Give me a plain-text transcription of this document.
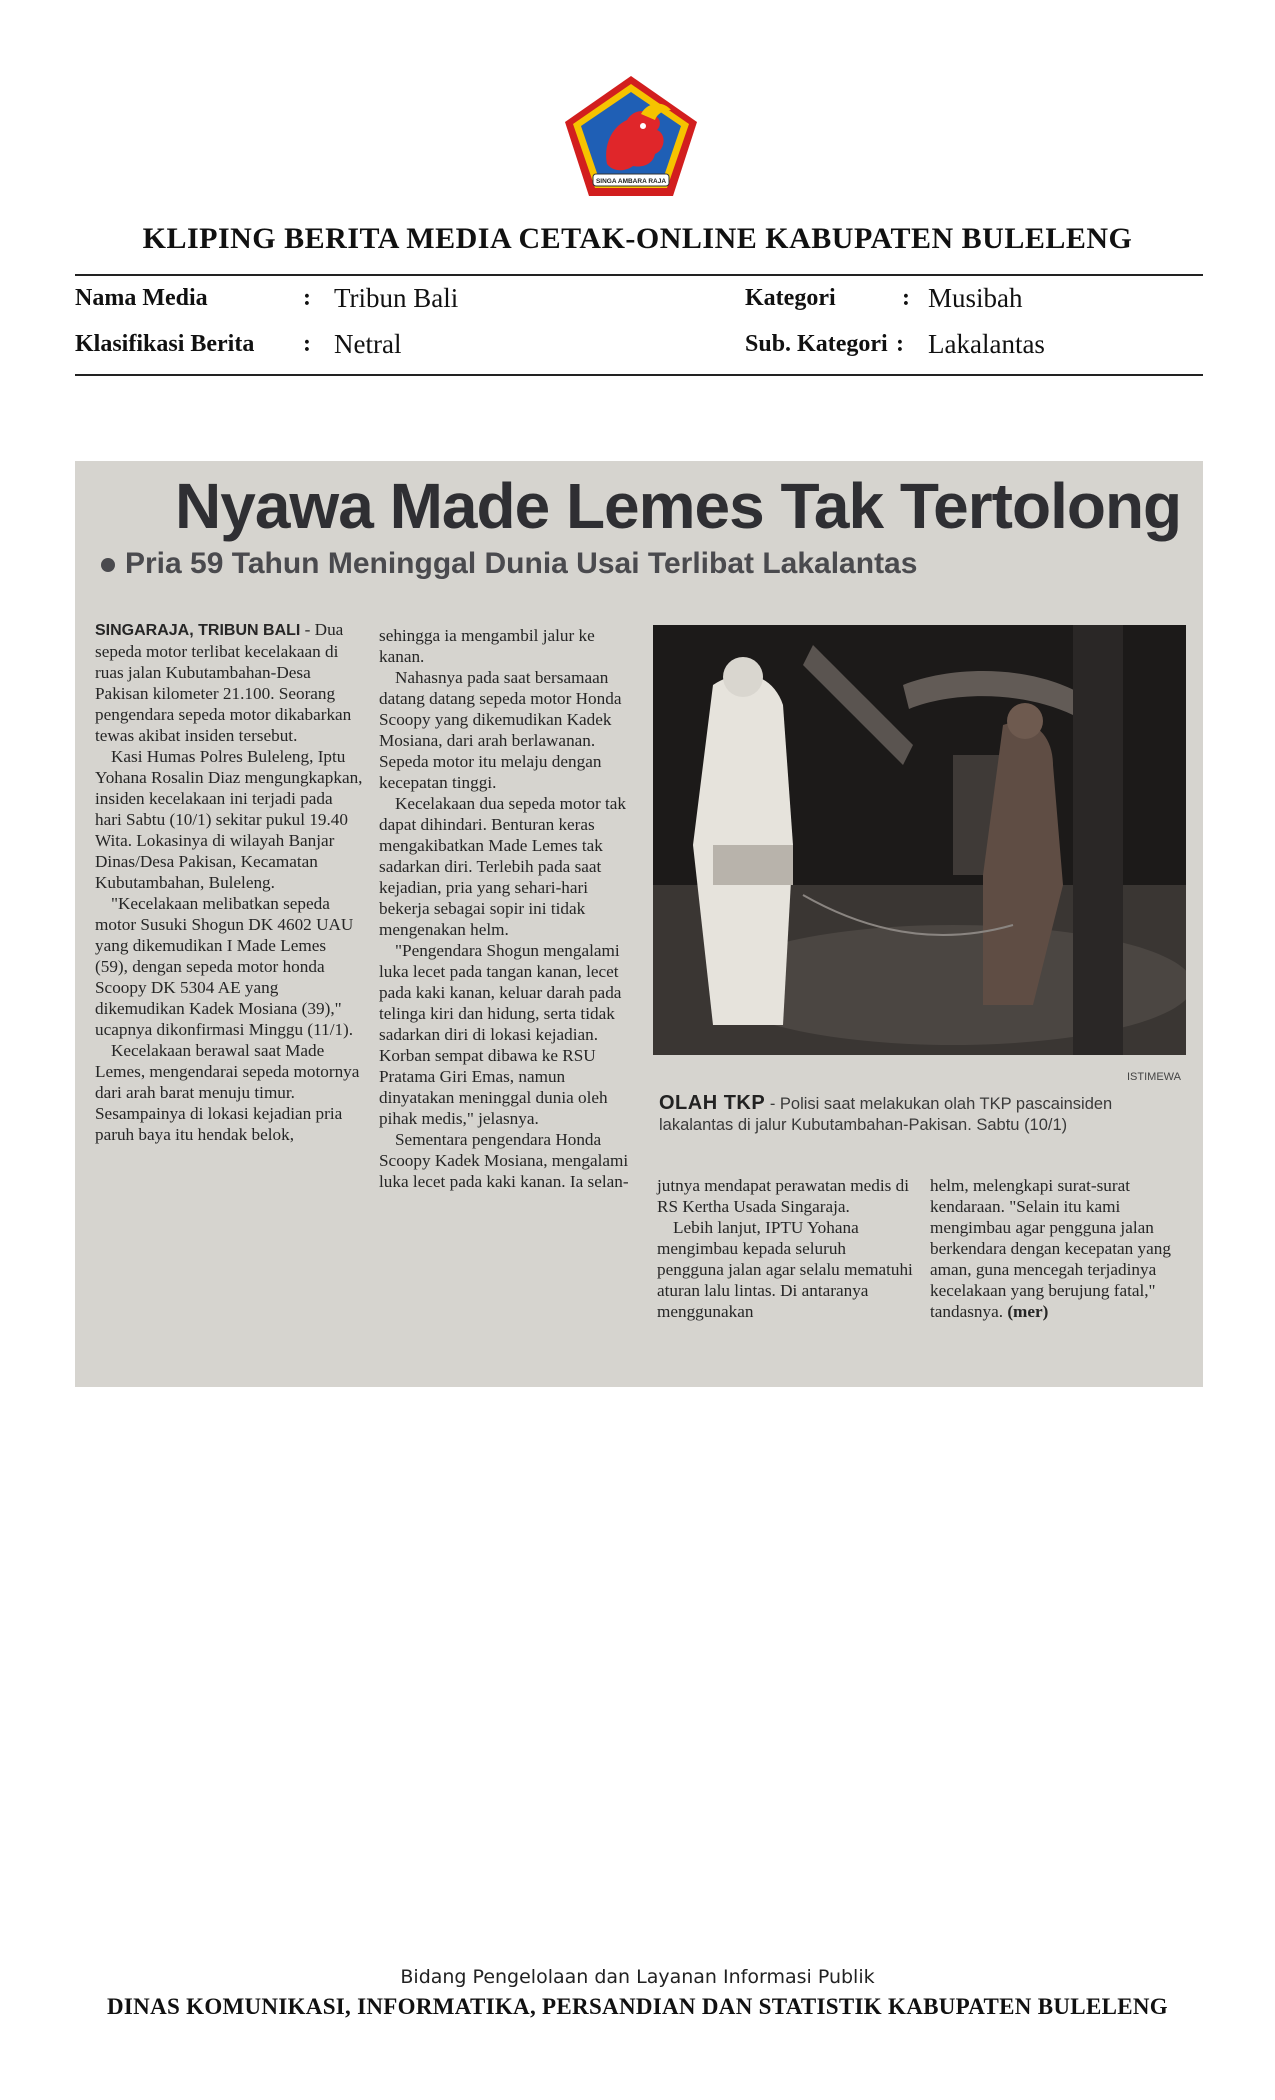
SINGA AMBARA RAJA
KLIPING BERITA MEDIA CETAK-ONLINE KABUPATEN BULELENG
Nama Media	: Tribun Bali
Klasifikasi Berita : Netral
Kategori	: Musibah
Sub. Kategori : Lakalantas
Nyawa Made Lemes Tak Tertolong
Pria 59 Tahun Meninggal Dunia Usai Terlibat Lakalantas

SINGARAJA, TRIBUN BALI - Dua sepeda motor terlibat kecelakaan di ruas jalan Kubutambahan-Desa Pakisan kilometer 21.100. Seorang pengendara sepeda motor dikabarkan tewas akibat insiden tersebut.

Kasi Humas Polres Buleleng, Iptu Yohana Rosalin Diaz mengungkapkan, insiden kecelakaan ini terjadi pada hari Sabtu (10/1) sekitar pukul 19.40 Wita. Lokasinya di wilayah Banjar Dinas/Desa Pakisan, Kecamatan Kubutambahan, Buleleng.

"Kecelakaan melibatkan sepeda motor Susuki Shogun DK 4602 UAU yang dikemudikan I Made Lemes (59), dengan sepeda motor honda Scoopy DK 5304 AE yang dikemudikan Kadek Mosiana (39)," ucapnya dikonfirmasi Minggu (11/1).

Kecelakaan berawal saat Made Lemes, mengendarai sepeda motornya dari arah barat menuju timur. Sesampainya di lokasi kejadian pria paruh baya itu hendak belok,

sehingga ia mengambil jalur ke kanan.

Nahasnya pada saat bersamaan datang datang sepeda motor Honda Scoopy yang dikemudikan Kadek Mosiana, dari arah berlawanan. Sepeda motor itu melaju dengan kecepatan tinggi.

Kecelakaan dua sepeda motor tak dapat dihindari. Benturan keras mengakibatkan Made Lemes tak sadarkan diri. Terlebih pada saat kejadian, pria yang sehari-hari bekerja sebagai sopir ini tidak mengenakan helm.

"Pengendara Shogun mengalami luka lecet pada tangan kanan, lecet pada kaki kanan, keluar darah pada telinga kiri dan hidung, serta tidak sadarkan diri di lokasi kejadian. Korban sempat dibawa ke RSU Pratama Giri Emas, namun dinyatakan meninggal dunia oleh pihak medis," jelasnya.

Sementara pengendara Honda Scoopy Kadek Mosiana, mengalami luka lecet pada kaki kanan. Ia selan-

ISTIMEWA
OLAH TKP - Polisi saat melakukan olah TKP pascainsiden lakalantas di jalur Kubutambahan-Pakisan. Sabtu (10/1)

jutnya mendapat perawatan medis di RS Kertha Usada Singaraja.

Lebih lanjut, IPTU Yohana mengimbau kepada seluruh pengguna jalan agar selalu mematuhi aturan lalu lintas. Di antaranya menggunakan

helm, melengkapi surat-surat kendaraan. "Selain itu kami mengimbau agar pengguna jalan berkendara dengan kecepatan yang aman, guna mencegah terjadinya kecelakaan yang berujung fatal," tandasnya. (mer)

Bidang Pengelolaan dan Layanan Informasi Publik
DINAS KOMUNIKASI, INFORMATIKA, PERSANDIAN DAN STATISTIK KABUPATEN BULELENG
